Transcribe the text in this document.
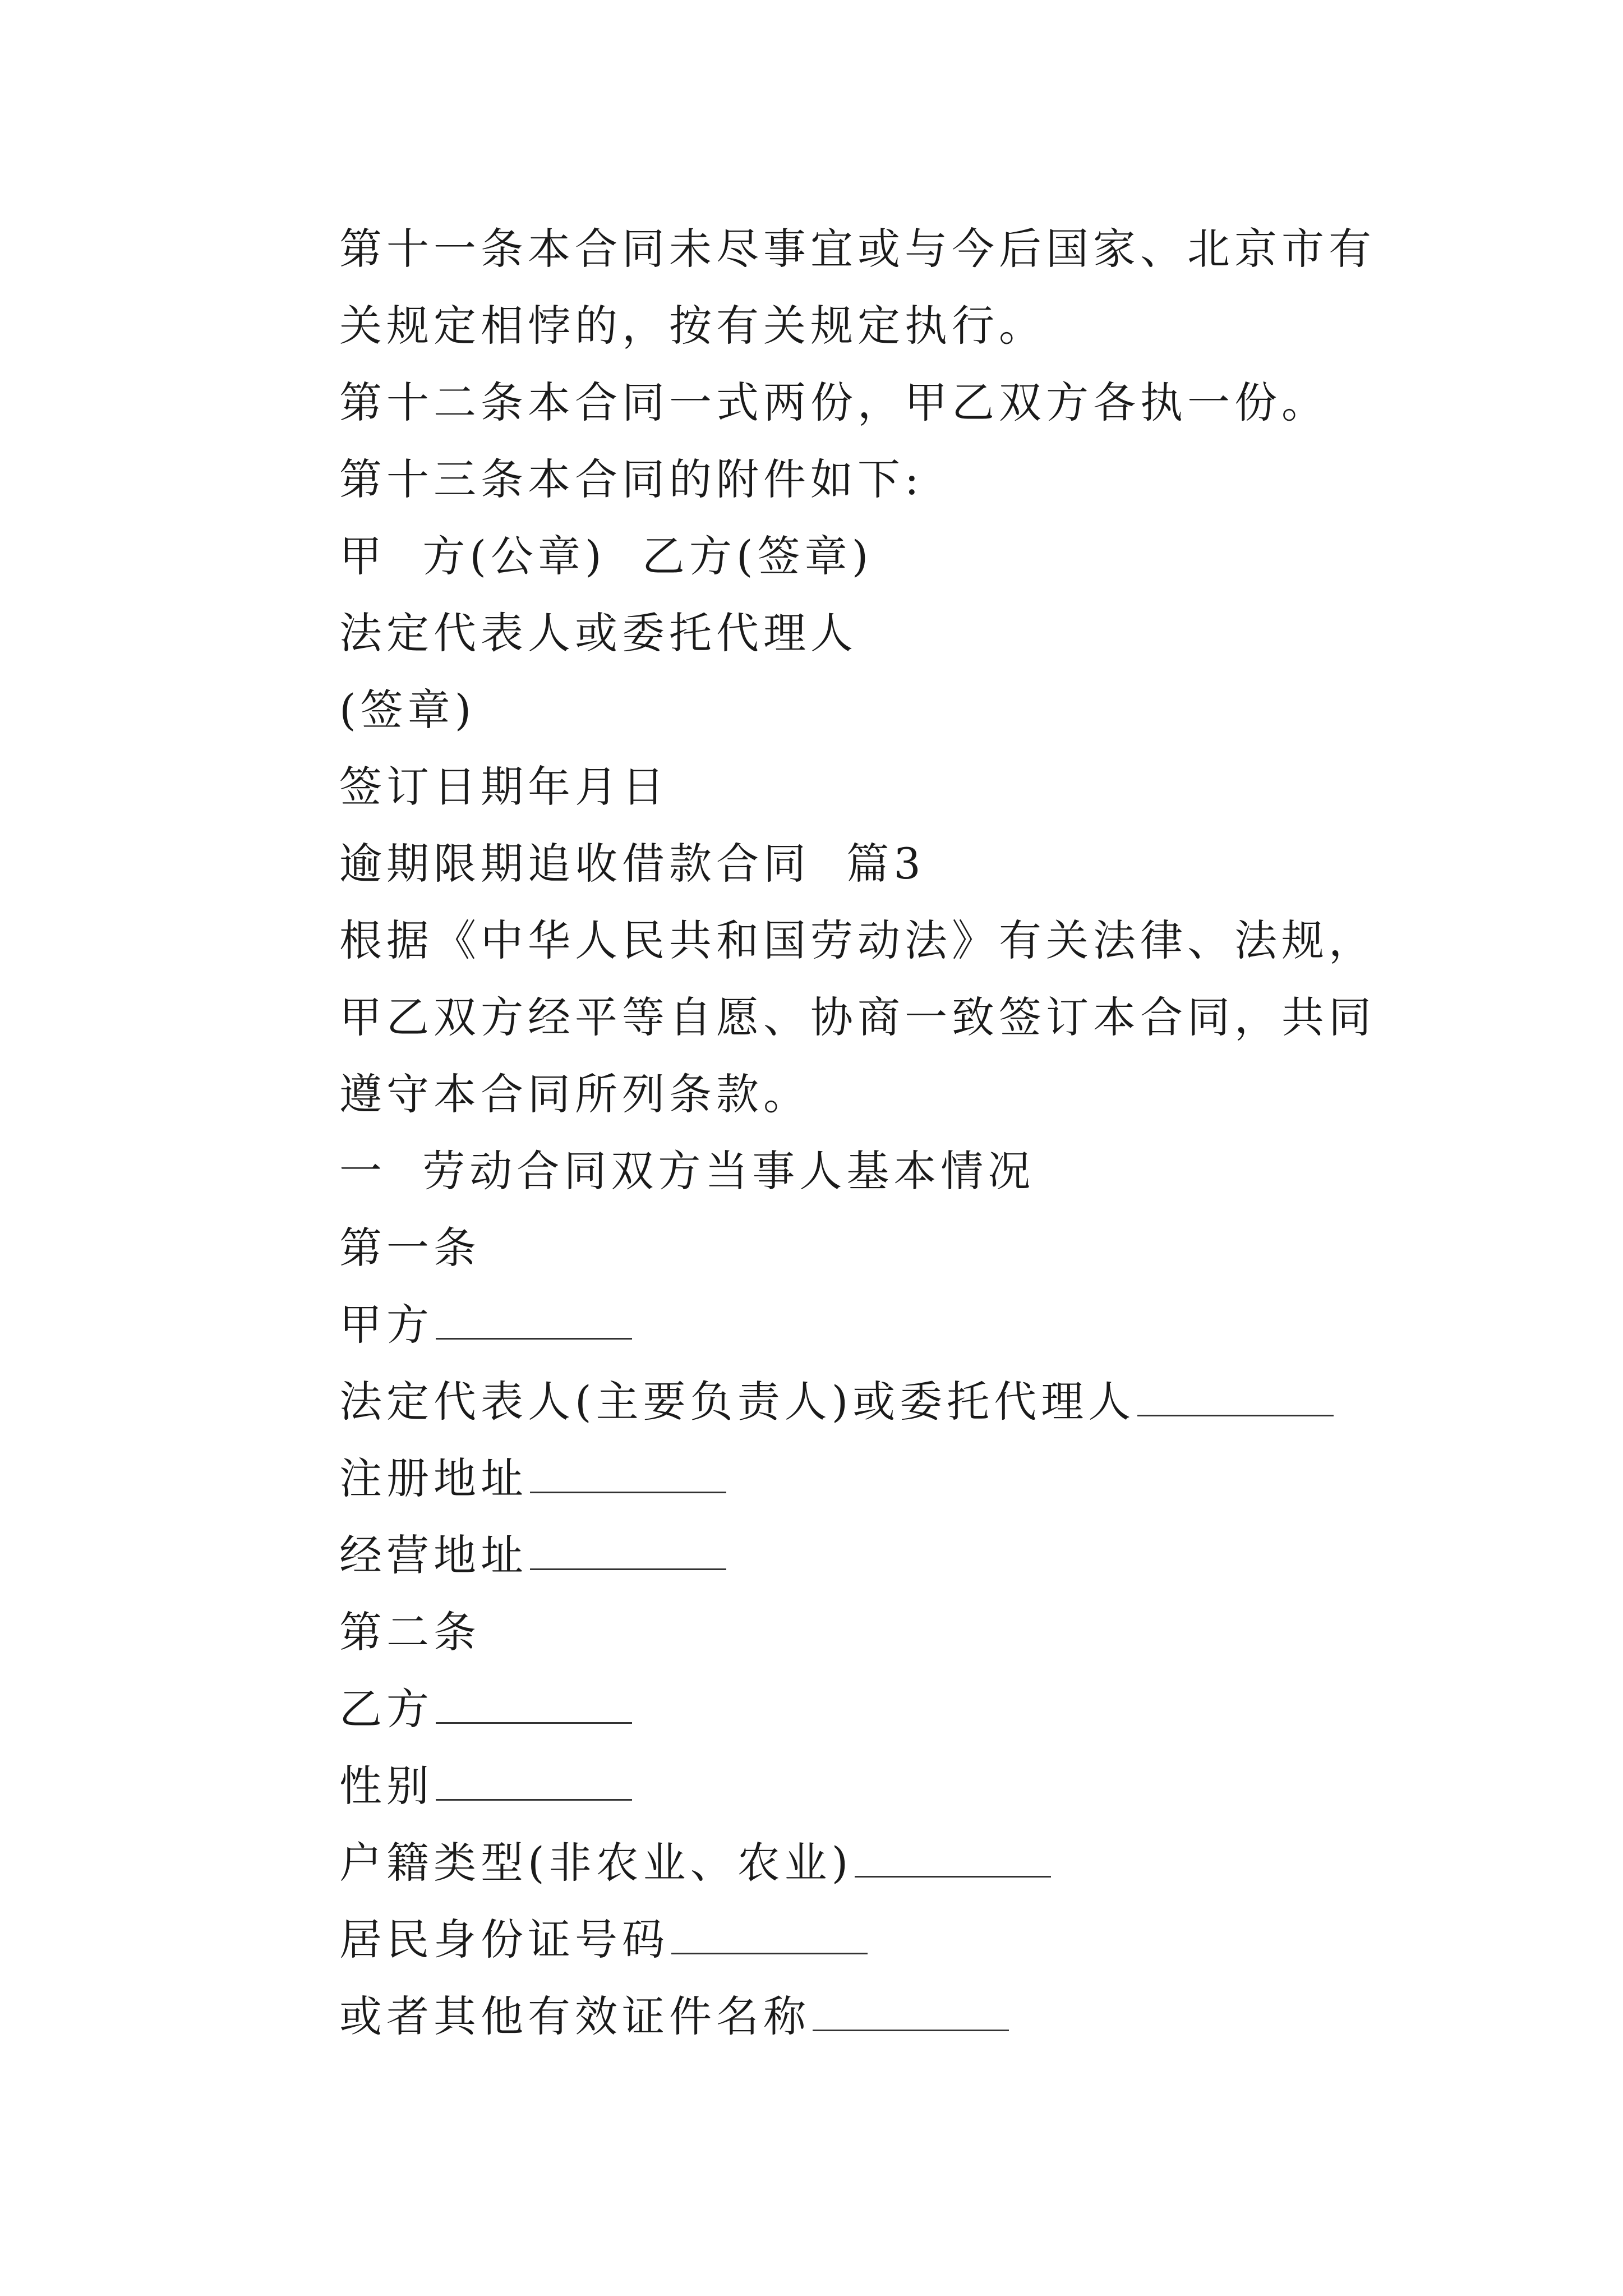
第十一条本合同未尽事宜或与今后国家、北京市有关规定相悖的，按有关规定执行。

第十二条本合同一式两份，甲乙双方各执一份。

第十三条本合同的附件如下:

甲  方(公章)  乙方(签章)

法定代表人或委托代理人

(签章)

签订日期年月日

逾期限期追收借款合同  篇3

根据《中华人民共和国劳动法》有关法律、法规，甲乙双方经平等自愿、协商一致签订本合同，共同遵守本合同所列条款。

一  劳动合同双方当事人基本情况

第一条

甲方

法定代表人(主要负责人)或委托代理人

注册地址

经营地址

第二条

乙方

性别

户籍类型(非农业、农业)

居民身份证号码

或者其他有效证件名称
